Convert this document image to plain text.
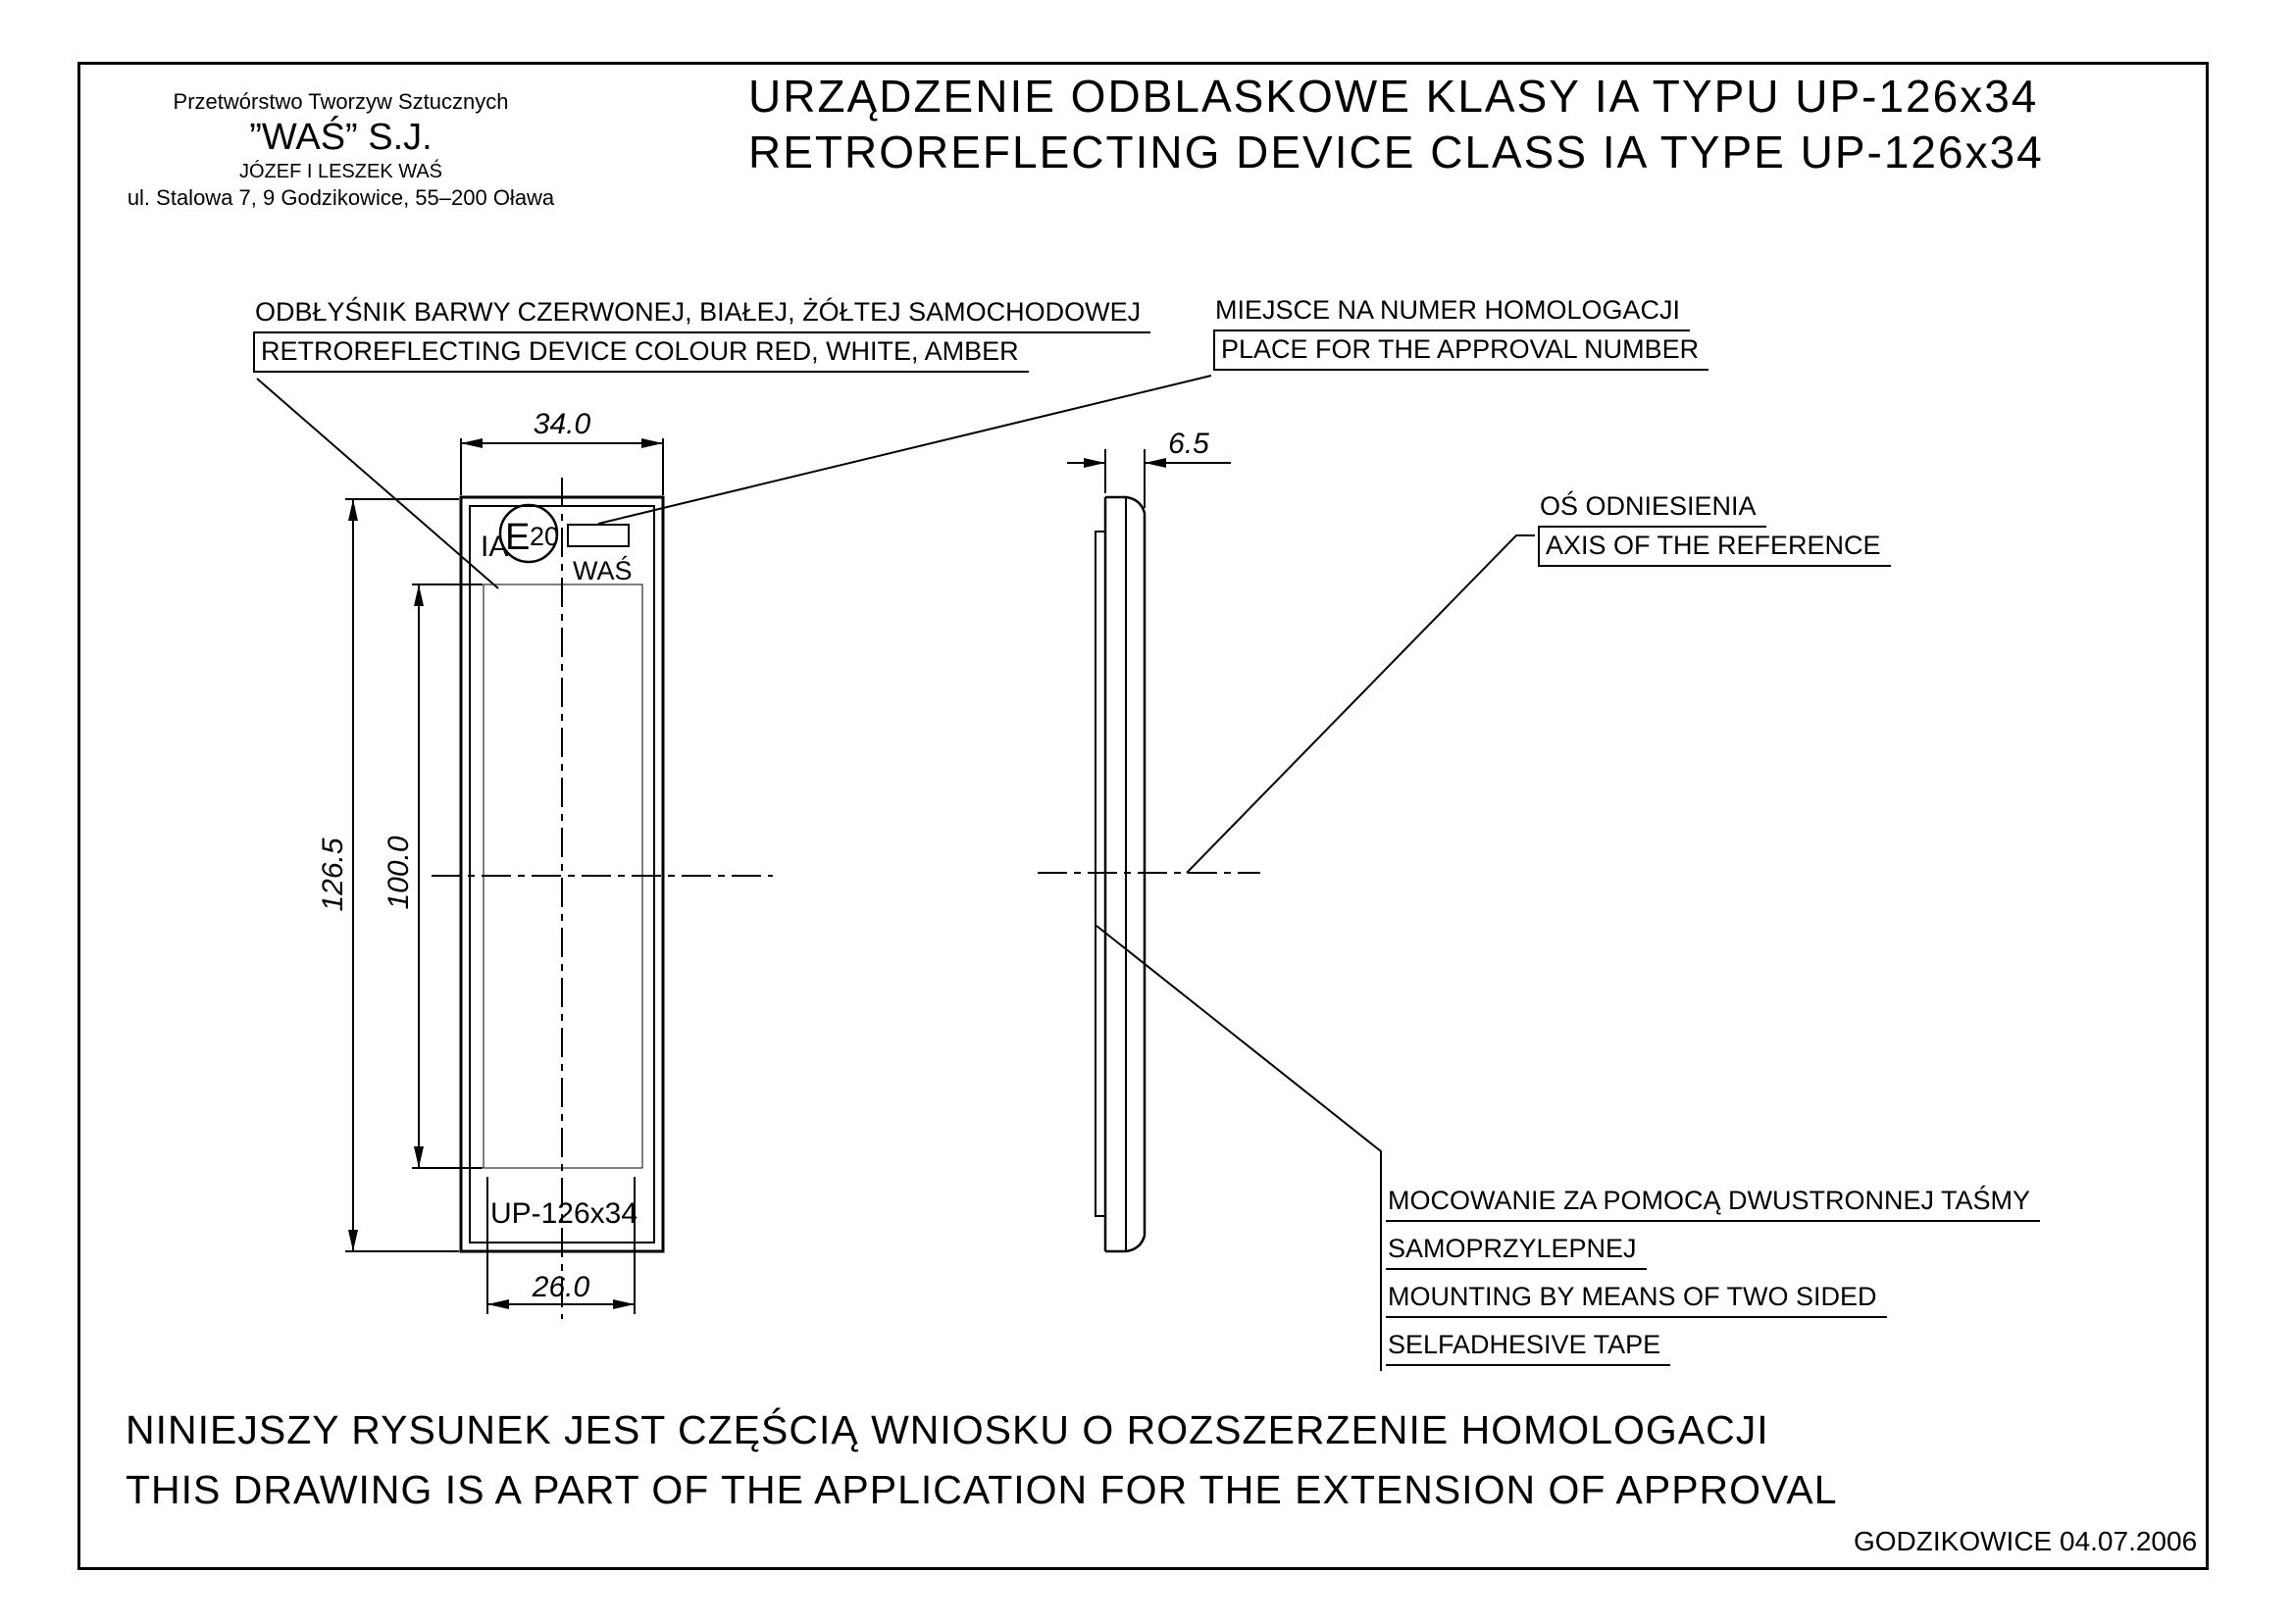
Przetwórstwo Tworzyw Sztucznych
”WAŚ” S.J.
JÓZEF I LESZEK WAŚ
ul. Stalowa 7, 9 Godzikowice, 55–200 Oława
URZĄDZENIE ODBLASKOWE KLASY IA TYPU UP-126x34
RETROREFLECTING DEVICE CLASS IA TYPE UP-126x34
IA
E 20
WAŚ
UP-126x34
34.0
126.5 100.0
26.0
6.5
ODBŁYŚNIK BARWY CZERWONEJ, BIAŁEJ, ŻÓŁTEJ SAMOCHODOWEJ
RETROREFLECTING DEVICE COLOUR RED, WHITE, AMBER
MIEJSCE NA NUMER HOMOLOGACJI
PLACE FOR THE APPROVAL NUMBER
OŚ ODNIESIENIA
AXIS OF THE REFERENCE
MOCOWANIE ZA POMOCĄ DWUSTRONNEJ TAŚMY
SAMOPRZYLEPNEJ
MOUNTING BY MEANS OF TWO SIDED
SELFADHESIVE TAPE
NINIEJSZY RYSUNEK JEST CZĘŚCIĄ WNIOSKU O ROZSZERZENIE HOMOLOGACJI
THIS DRAWING IS A PART OF THE APPLICATION FOR THE EXTENSION OF APPROVAL
GODZIKOWICE 04.07.2006
